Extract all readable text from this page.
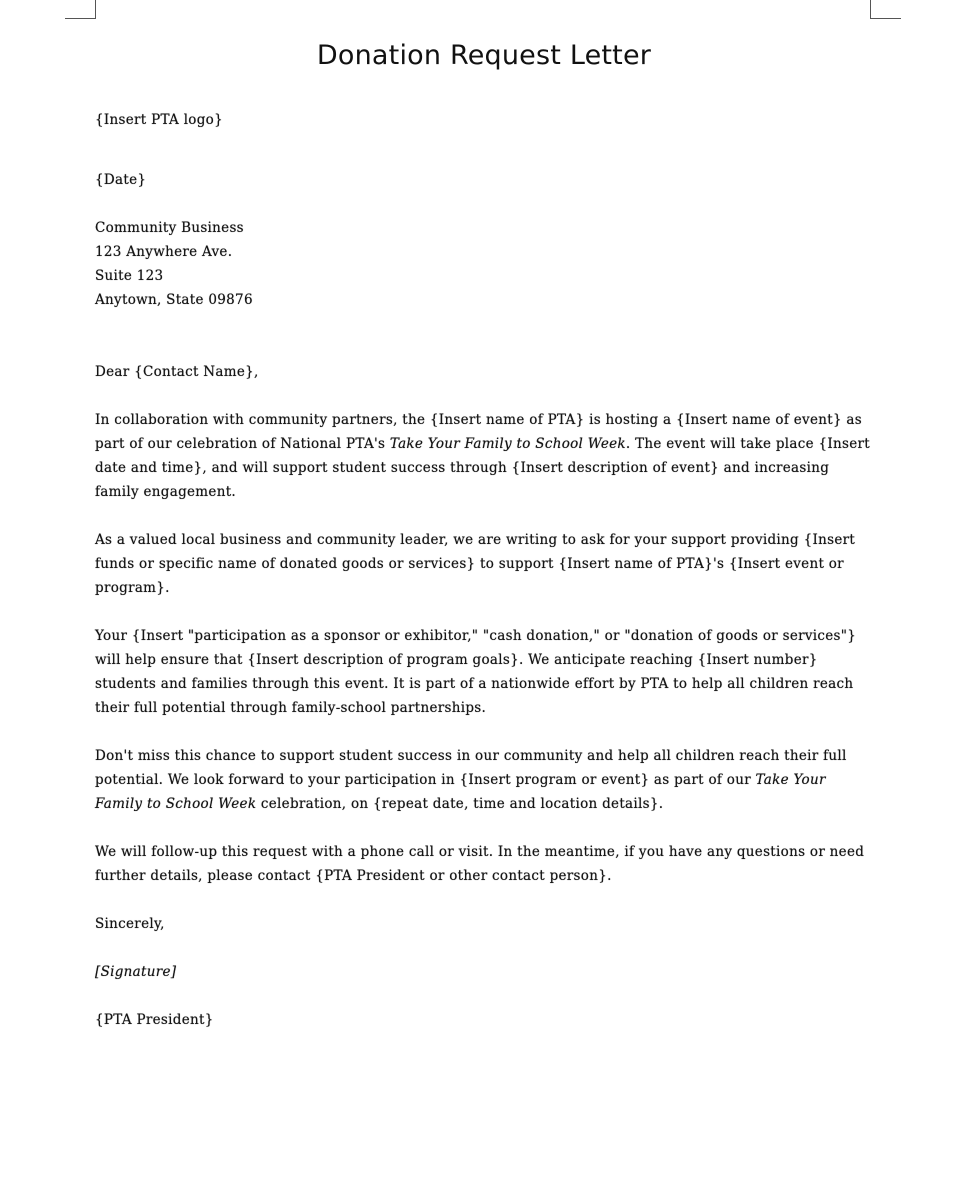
Donation Request Letter
{Insert PTA logo}
{Date}
Community Business
123 Anywhere Ave.
Suite 123
Anytown, State 09876
Dear {Contact Name},

In collaboration with community partners, the {Insert name of PTA} is hosting a {Insert name of event} as part of our celebration of National PTA's Take Your Family to School Week. The event will take place {Insert date and time}, and will support student success through {Insert description of event} and increasing family engagement.

As a valued local business and community leader, we are writing to ask for your support providing {Insert funds or specific name of donated goods or services} to support {Insert name of PTA}'s {Insert event or program}.

Your {Insert "participation as a sponsor or exhibitor," "cash donation," or "donation of goods or services"} will help ensure that {Insert description of program goals}. We anticipate reaching {Insert number} students and families through this event. It is part of a nationwide effort by PTA to help all children reach their full potential through family-school partnerships.

Don't miss this chance to support student success in our community and help all children reach their full potential. We look forward to your participation in {Insert program or event} as part of our Take Your Family to School Week celebration, on {repeat date, time and location details}.

We will follow-up this request with a phone call or visit. In the meantime, if you have any questions or need further details, please contact {PTA President or other contact person}.

Sincerely,
[Signature]
{PTA President}
